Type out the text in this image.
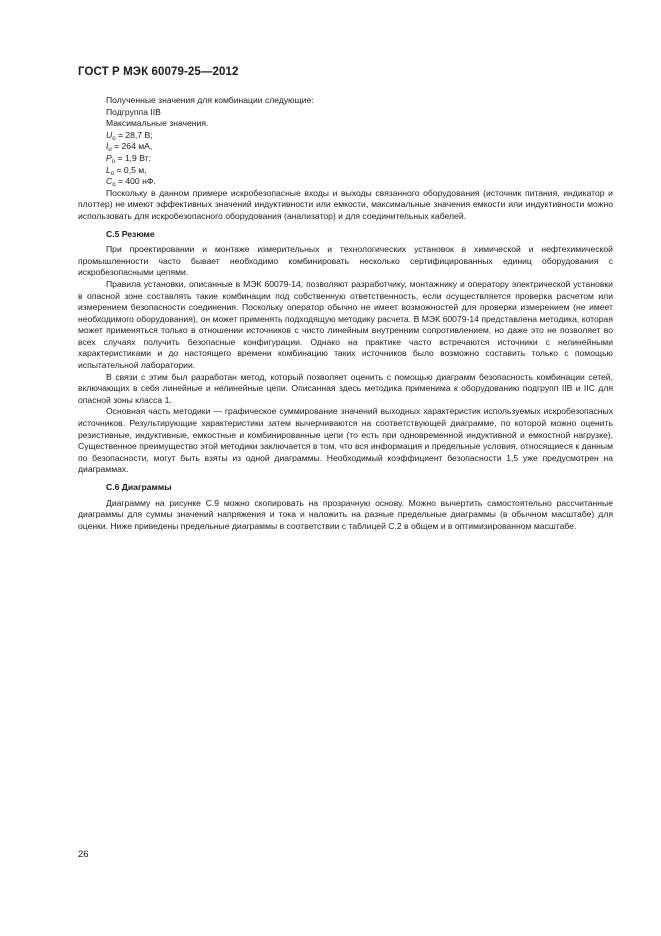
ГОСТ Р МЭК 60079-25—2012

Полученные значения для комбинации следующие:

Подгруппа IIB

Максимальные значения.

$U_o = 28,7$ В;

$I_o = 264$ мА,

$P_o = 1,9$ Вт;

$L_o = 0,5$ м,

$C_o = 400$ нФ.

Поскольку в данном примере искробезопасные входы и выходы связанного оборудования (источник питания, индикатор и плоттер) не имеют эффективных значений индуктивности или емкости, максимальные значения емкости или индуктивности можно использовать для искробезопасного оборудования (анализатор) и для соединительных кабелей.

С.5 Резюме

При проектировании и монтаже измерительных и технологических установок в химической и нефтехимической промышленности часто бывает необходимо комбинировать несколько сертифицированных единиц оборудования с искробезопасными цепями.

Правила установки, описанные в МЭК 60079-14, позволяют разработчику, монтажнику и оператору электрической установки в опасной зоне составлять такие комбинации под собственную ответственность, если осуществляется проверка расчетом или измерением безопасности соединения. Поскольку оператор обычно не имеет возможностей для проверки измерением (не имеет необходимого оборудования), он может применять подходящую методику расчета. В МЭК 60079-14 представлена методика, которая может применяться только в отношении источников с чисто линейным внутренним сопротивлением, но даже это не позволяет во всех случаях получить безопасные конфигурации. Однако на практике часто встречаются источники с нелинейными характеристиками и до настоящего времени комбинацию таких источников было возможно составить только с помощью испытательной лаборатории.

В связи с этим был разработан метод, который позволяет оценить с помощью диаграмм безопасность комбинации сетей, включающих в себя линейные и нелинейные цепи. Описанная здесь методика применима к оборудованию подгрупп IIB и IIC для опасной зоны класса 1.

Основная часть методики — графическое суммирование значений выходных характеристик используемых искробезопасных источников. Результирующие характеристики затем вычерчиваются на соответствующей диаграмме, по которой можно оценить резистивные, индуктивные, емкостные и комбинированные цепи (то есть при одновременной индуктивной и емкостной нагрузке). Существенное преимущество этой методики заключается в том, что вся информация и предельные условия, относящиеся к данным по безопасности, могут быть взяты из одной диаграммы. Необходимый коэффициент безопасности 1,5 уже предусмотрен на диаграммах.

С.6 Диаграммы

Диаграмму на рисунке С.9 можно скопировать на прозрачную основу. Можно вычертить самостоятельно рассчитанные диаграммы для суммы значений напряжения и тока и наложить на разные предельные диаграммы (в обычном масштабе) для оценки. Ниже приведены предельные диаграммы в соответствии с таблицей С.2 в общем и в оптимизированном масштабе.

26
